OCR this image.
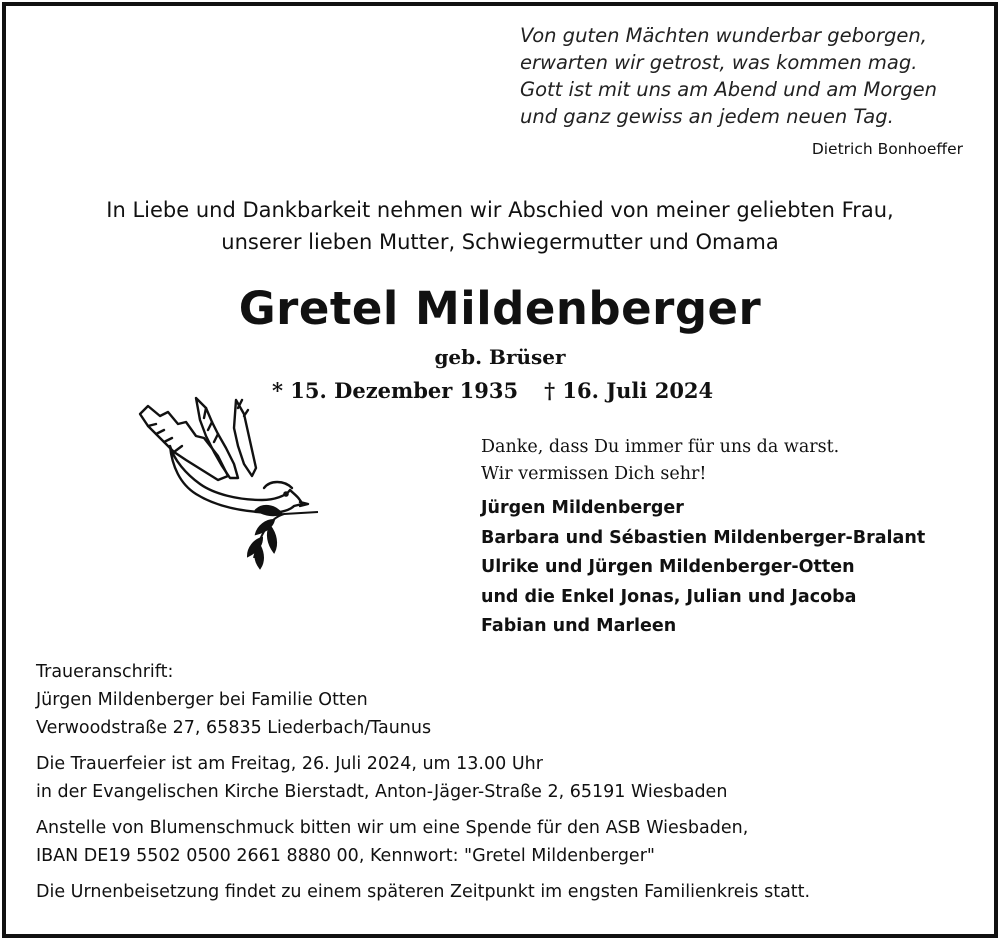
Von guten Mächten wunderbar geborgen,
erwarten wir getrost, was kommen mag.
Gott ist mit uns am Abend und am Morgen
und ganz gewiss an jedem neuen Tag.
Dietrich Bonhoeffer
In Liebe und Dankbarkeit nehmen wir Abschied von meiner geliebten Frau,
unserer lieben Mutter, Schwiegermutter und Omama
Gretel Mildenberger
geb. Brüser
* 15. Dezember 1935 † 16. Juli 2024
Danke, dass Du immer für uns da warst.
Wir vermissen Dich sehr!
Jürgen Mildenberger
Barbara und Sébastien Mildenberger-Bralant
Ulrike und Jürgen Mildenberger-Otten
und die Enkel Jonas, Julian und Jacoba
Fabian und Marleen
Traueranschrift:
Jürgen Mildenberger bei Familie Otten
Verwoodstraße 27, 65835 Liederbach/Taunus
Die Trauerfeier ist am Freitag, 26. Juli 2024, um 13.00 Uhr
in der Evangelischen Kirche Bierstadt, Anton-Jäger-Straße 2, 65191 Wiesbaden
Anstelle von Blumenschmuck bitten wir um eine Spende für den ASB Wiesbaden,
IBAN DE19 5502 0500 2661 8880 00, Kennwort: "Gretel Mildenberger"
Die Urnenbeisetzung findet zu einem späteren Zeitpunkt im engsten Familienkreis statt.
